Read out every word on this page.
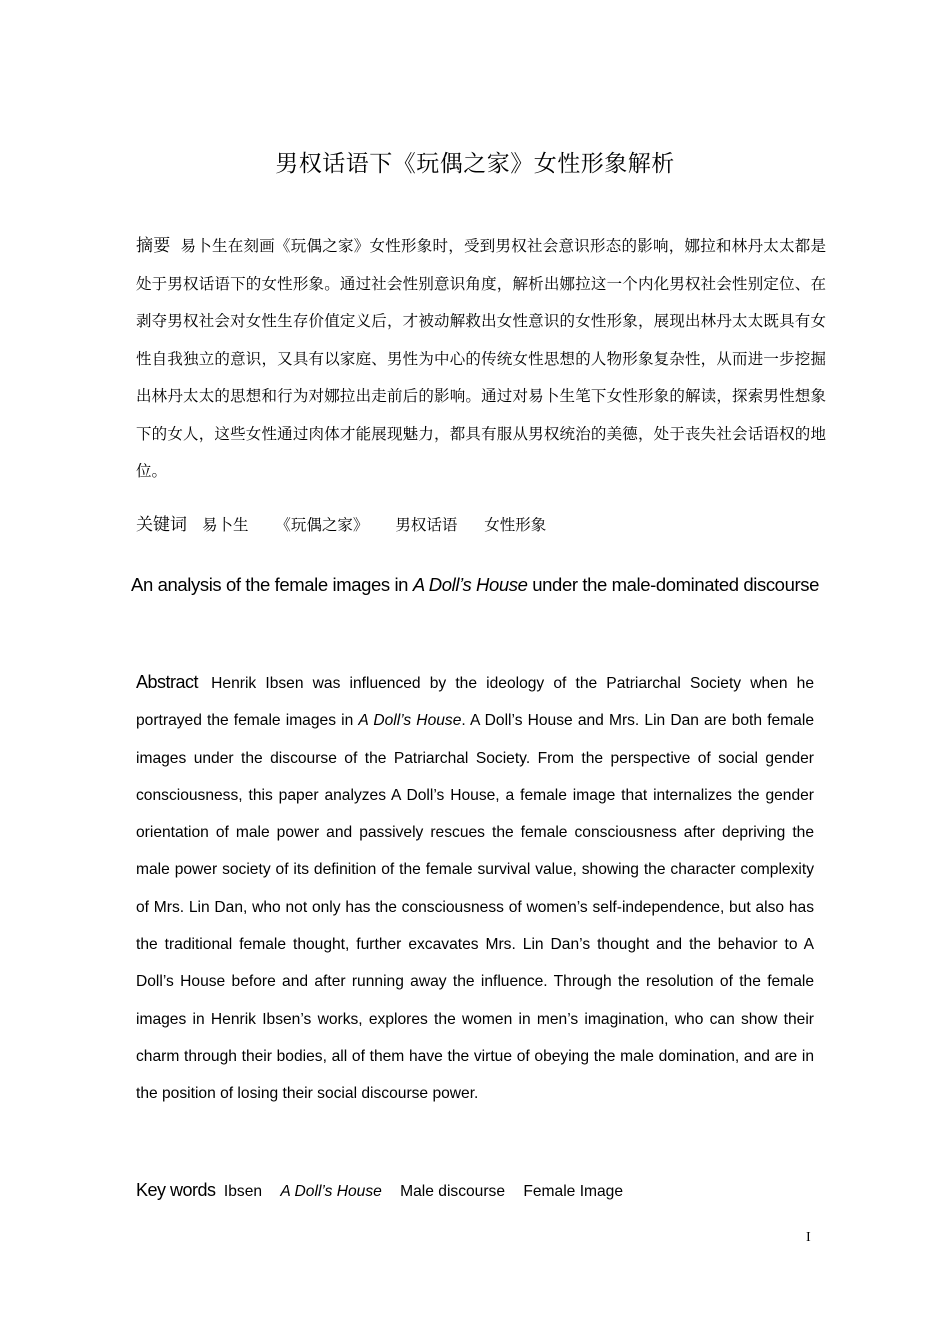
男权话语下《玩偶之家》女性形象解析
摘要 易卜生在刻画《玩偶之家》女性形象时，受到男权社会意识形态的影响，娜拉和林丹太太都是处于男权话语下的女性形象。通过社会性别意识角度，解析出娜拉这一个内化男权社会性别定位、在剥夺男权社会对女性生存价值定义后，才被动解救出女性意识的女性形象，展现出林丹太太既具有女性自我独立的意识，又具有以家庭、男性为中心的传统女性思想的人物形象复杂性，从而进一步挖掘出林丹太太的思想和行为对娜拉出走前后的影响。通过对易卜生笔下女性形象的解读，探索男性想象下的女人，这些女性通过肉体才能展现魅力，都具有服从男权统治的美德，处于丧失社会话语权的地位。
关键词 易卜生 《玩偶之家》 男权话语 女性形象
An analysis of the female images in A Doll’s House under the male-dominated discourse
Abstract Henrik Ibsen was influenced by the ideology of the Patriarchal Society when he portrayed the female images in A Doll’s House. A Doll’s House and Mrs. Lin Dan are both female images under the discourse of the Patriarchal Society. From the perspective of social gender consciousness, this paper analyzes A Doll’s House, a female image that internalizes the gender orientation of male power and passively rescues the female consciousness after depriving the male power society of its definition of the female survival value, showing the character complexity of Mrs. Lin Dan, who not only has the consciousness of women’s self-independence, but also has the traditional female thought, further excavates Mrs. Lin Dan’s thought and the behavior to A Doll’s House before and after running away the influence. Through the resolution of the female images in Henrik Ibsen’s works, explores the women in men’s imagination, who can show their charm through their bodies, all of them have the virtue of obeying the male domination, and are in the position of losing their social discourse power.
Key words Ibsen A Doll’s House Male discourse Female Image
I
